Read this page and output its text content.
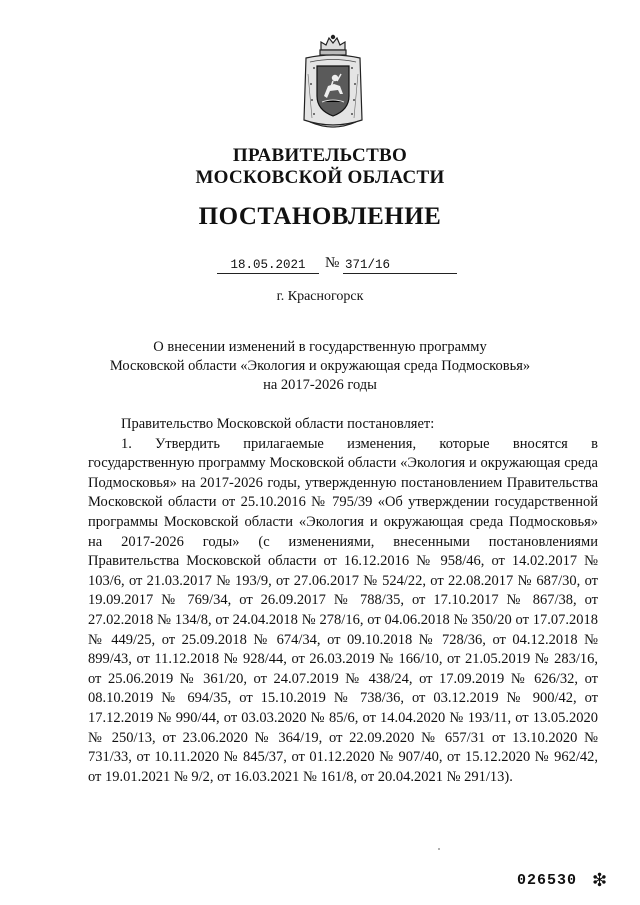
ПРАВИТЕЛЬСТВО
МОСКОВСКОЙ ОБЛАСТИ
ПОСТАНОВЛЕНИЕ
18.05.2021	№ 371/16
г. Красногорск
О внесении изменений в государственную программу
Московской области «Экология и окружающая среда Подмосковья»
на 2017-2026 годы
Правительство Московской области постановляет:

1. Утвердить прилагаемые изменения, которые вносятся в государственную программу Московской области «Экология и окружающая среда Подмосковья» на 2017-2026 годы, утвержденную постановлением Правительства Московской области от 25.10.2016 № 795/39 «Об утверждении государственной программы Московской области «Экология и окружающая среда Подмосковья» на 2017-2026 годы» (с изменениями, внесенными постановлениями Правительства Московской области от 16.12.2016 № 958/46, от 14.02.2017 № 103/6, от 21.03.2017 № 193/9, от 27.06.2017 № 524/22, от 22.08.2017 № 687/30, от 19.09.2017 № 769/34, от 26.09.2017 № 788/35, от 17.10.2017 № 867/38, от 27.02.2018 № 134/8, от 24.04.2018 № 278/16, от 04.06.2018 № 350/20 от 17.07.2018 № 449/25, от 25.09.2018 № 674/34, от 09.10.2018 № 728/36, от 04.12.2018 № 899/43, от 11.12.2018 № 928/44, от 26.03.2019 № 166/10, от 21.05.2019 № 283/16, от 25.06.2019 № 361/20, от 24.07.2019 № 438/24, от 17.09.2019 № 626/32, от 08.10.2019 № 694/35, от 15.10.2019 № 738/36, от 03.12.2019 № 900/42, от 17.12.2019 № 990/44, от 03.03.2020 № 85/6, от 14.04.2020 № 193/11, от 13.05.2020 № 250/13, от 23.06.2020 № 364/19, от 22.09.2020 № 657/31 от 13.10.2020 № 731/33, от 10.11.2020 № 845/37, от 01.12.2020 № 907/40, от 15.12.2020 № 962/42, от 19.01.2021 № 9/2, от 16.03.2021 № 161/8, от 20.04.2021 № 291/13).

026530 ❇
